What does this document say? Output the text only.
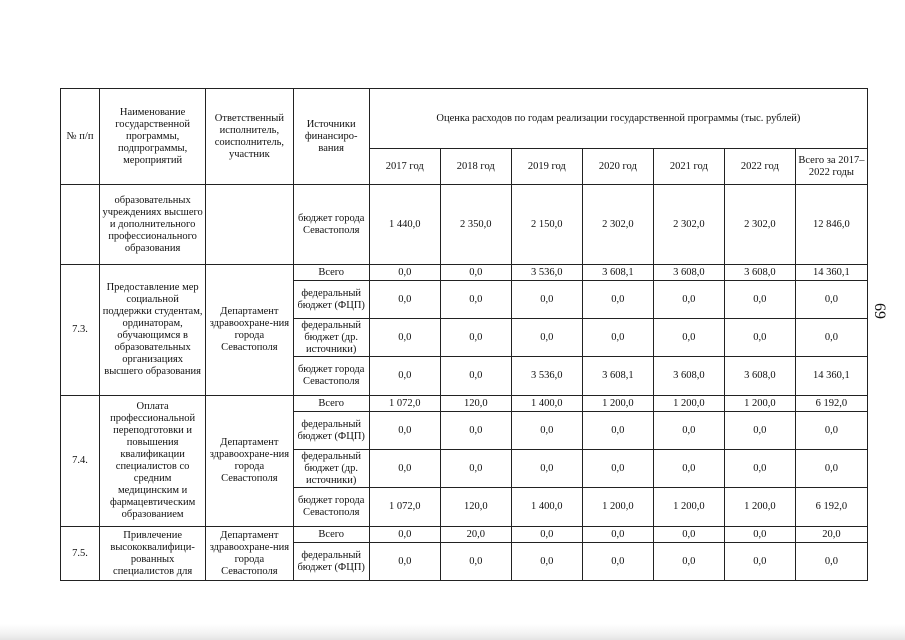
№ п/п	Наименование государственной программы, подпрограммы, мероприятий	Ответственный исполнитель, соисполнитель, участник	Источники финансиро-вания	Оценка расходов по годам реализации государственной программы (тыс. рублей)						
				2017 год	2018 год	2019 год	2020 год	2021 год	2022 год	Всего за 2017–2022 годы
	образовательных учреждениях высшего и дополнительного профессионального образования		бюджет города Севастополя	1 440,0	2 350,0	2 150,0	2 302,0	2 302,0	2 302,0	12 846,0
7.3.	Предоставление мер социальной поддержки студентам, ординаторам, обучающимся в образовательных организациях высшего образования	Департамент здравоохране-ния города Севастополя	Всего	0,0	0,0	3 536,0	3 608,1	3 608,0	3 608,0	14 360,1
			федеральный бюджет (ФЦП)	0,0	0,0	0,0	0,0	0,0	0,0	0,0
			федеральный бюджет (др. источники)	0,0	0,0	0,0	0,0	0,0	0,0	0,0
			бюджет города Севастополя	0,0	0,0	3 536,0	3 608,1	3 608,0	3 608,0	14 360,1
7.4.	Оплата профессиональной переподготовки и повышения квалификации специалистов со средним медицинским и фармацевтическим образованием	Департамент здравоохране-ния города Севастополя	Всего	1 072,0	120,0	1 400,0	1 200,0	1 200,0	1 200,0	6 192,0
			федеральный бюджет (ФЦП)	0,0	0,0	0,0	0,0	0,0	0,0	0,0
			федеральный бюджет (др. источники)	0,0	0,0	0,0	0,0	0,0	0,0	0,0
			бюджет города Севастополя	1 072,0	120,0	1 400,0	1 200,0	1 200,0	1 200,0	6 192,0
7.5.	Привлечение высококвалифици-рованных специалистов для	Департамент здравоохране-ния города Севастополя	Всего	0,0	20,0	0,0	0,0	0,0	0,0	20,0
			федеральный бюджет (ФЦП)	0,0	0,0	0,0	0,0	0,0	0,0	0,0
69
